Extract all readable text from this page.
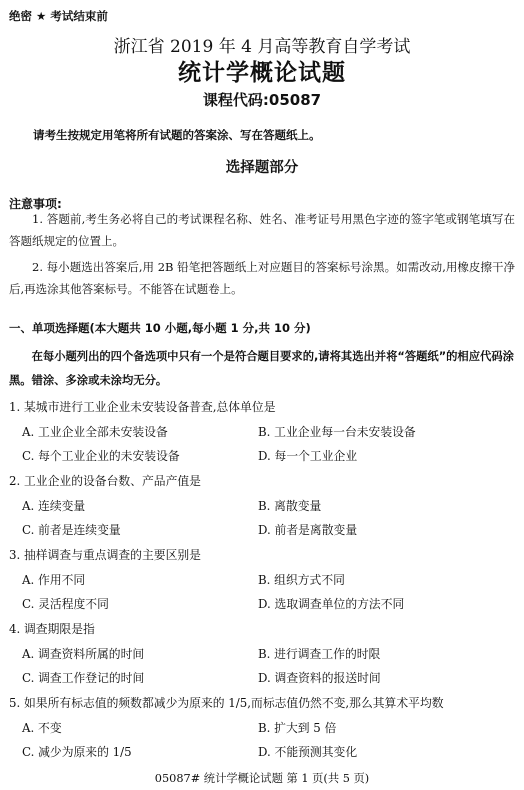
绝密 ★ 考试结束前
浙江省 2019 年 4 月高等教育自学考试
统计学概论试题
课程代码:05087
请考生按规定用笔将所有试题的答案涂、写在答题纸上。
选择题部分
注意事项:
1. 答题前,考生务必将自己的考试课程名称、姓名、准考证号用黑色字迹的签字笔或钢笔填写在答题纸规定的位置上。
2. 每小题选出答案后,用 2B 铅笔把答题纸上对应题目的答案标号涂黑。如需改动,用橡皮擦干净后,再选涂其他答案标号。不能答在试题卷上。
一、单项选择题(本大题共 10 小题,每小题 1 分,共 10 分)
在每小题列出的四个备选项中只有一个是符合题目要求的,请将其选出并将“答题纸”的相应代码涂黑。错涂、多涂或未涂均无分。
1. 某城市进行工业企业未安装设备普查,总体单位是
A. 工业企业全部未安装设备	B. 工业企业每一台未安装设备
C. 每个工业企业的未安装设备	D. 每一个工业企业
2. 工业企业的设备台数、产品产值是
A. 连续变量	B. 离散变量
C. 前者是连续变量	D. 前者是离散变量
3. 抽样调查与重点调查的主要区别是
A. 作用不同	B. 组织方式不同
C. 灵活程度不同	D. 选取调查单位的方法不同
4. 调查期限是指
A. 调查资料所属的时间	B. 进行调查工作的时限
C. 调查工作登记的时间	D. 调查资料的报送时间
5. 如果所有标志值的频数都减少为原来的 1/5,而标志值仍然不变,那么其算术平均数
A. 不变	B. 扩大到 5 倍
C. 减少为原来的 1/5	D. 不能预测其变化
05087# 统计学概论试题 第 1 页(共 5 页)
